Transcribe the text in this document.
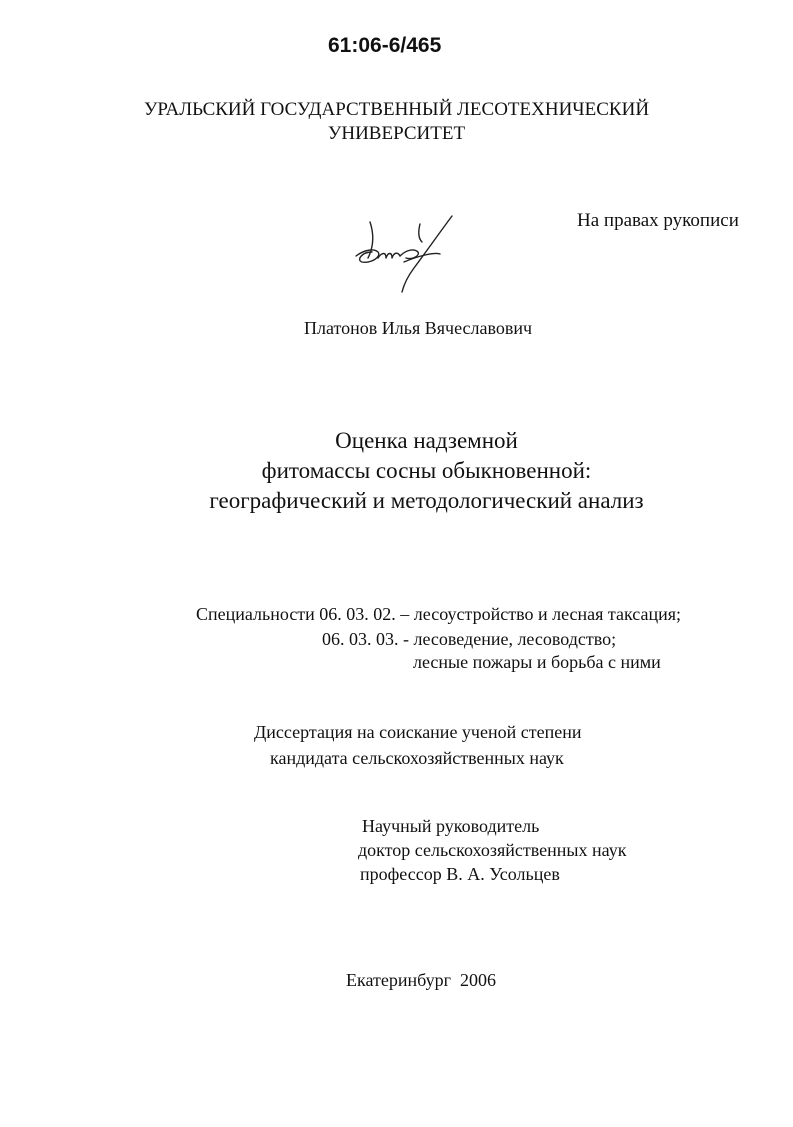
61:06-6/465
УРАЛЬСКИЙ ГОСУДАРСТВЕННЫЙ ЛЕСОТЕХНИЧЕСКИЙ
УНИВЕРСИТЕТ
На правах рукописи
Платонов Илья Вячеславович
Оценка надземной
фитомассы сосны обыкновенной:
географический и методологический анализ
Специальности 06. 03. 02. – лесоустройство и лесная таксация;
06. 03. 03. - лесоведение, лесоводство;
лесные пожары и борьба с ними
Диссертация на соискание ученой степени
кандидата сельскохозяйственных наук
Научный руководитель
доктор сельскохозяйственных наук
профессор В. А. Усольцев
Екатеринбург  2006
